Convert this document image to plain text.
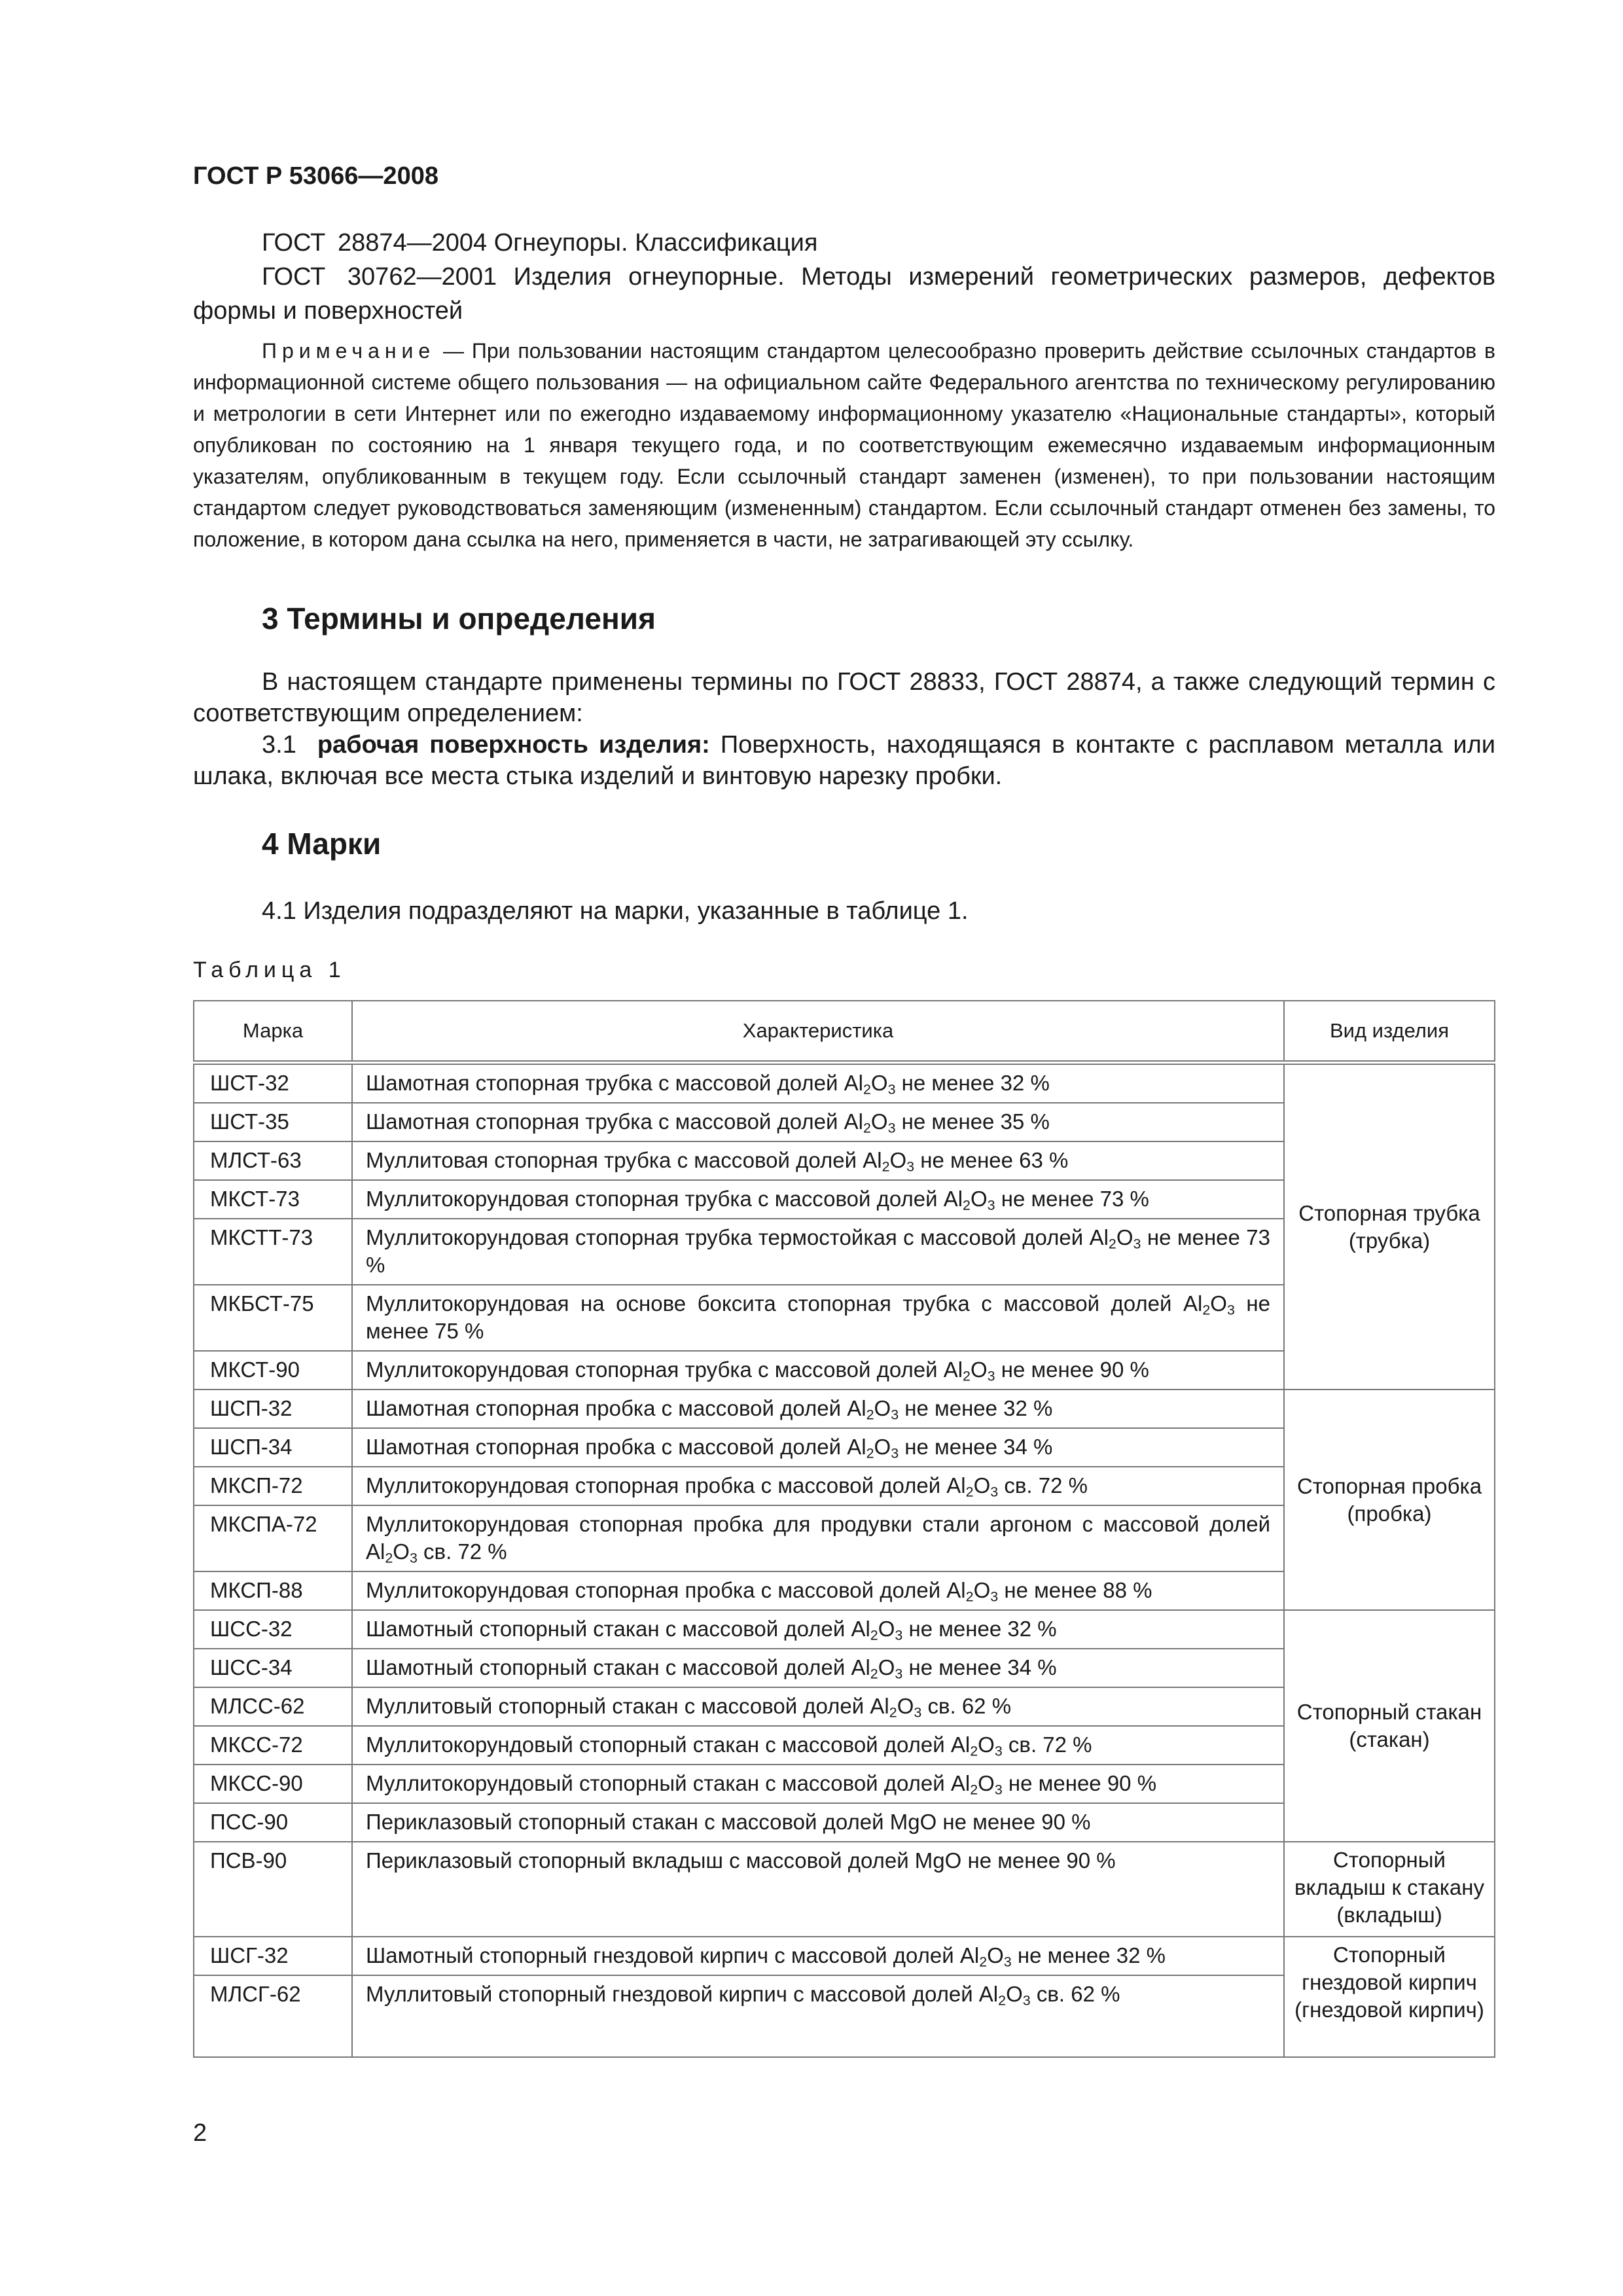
ГОСТ Р 53066—2008

ГОСТ 28874—2004 Огнеупоры. Классификация

ГОСТ 30762—2001 Изделия огнеупорные. Методы измерений геометрических размеров, дефектов формы и поверхностей

Примечание — При пользовании настоящим стандартом целесообразно проверить действие ссылочных стандартов в информационной системе общего пользования — на официальном сайте Федерального агентства по техническому регулированию и метрологии в сети Интернет или по ежегодно издаваемому информационному указателю «Национальные стандарты», который опубликован по состоянию на 1 января текущего года, и по соответствующим ежемесячно издаваемым информационным указателям, опубликованным в текущем году. Если ссылочный стандарт заменен (изменен), то при пользовании настоящим стандартом следует руководствоваться заменяющим (измененным) стандартом. Если ссылочный стандарт отменен без замены, то положение, в котором дана ссылка на него, применяется в части, не затрагивающей эту ссылку.

3 Термины и определения

В настоящем стандарте применены термины по ГОСТ 28833, ГОСТ 28874, а также следующий термин с соответствующим определением:

3.1 рабочая поверхность изделия: Поверхность, находящаяся в контакте с расплавом металла или шлака, включая все места стыка изделий и винтовую нарезку пробки.

4 Марки

4.1 Изделия подразделяют на марки, указанные в таблице 1.

Таблица 1
Марка	Характеристика	Вид изделия
ШСТ-32	Шамотная стопорная трубка с массовой долей $Al_2O_3$ не менее 32 %	Стопорная трубка (трубка)
ШСТ-35	Шамотная стопорная трубка с массовой долей $Al_2O_3$ не менее 35 %	
МЛСТ-63	Муллитовая стопорная трубка с массовой долей $Al_2O_3$ не менее 63 %	
МКСТ-73	Муллитокорундовая стопорная трубка с массовой долей $Al_2O_3$ не менее 73 %	
МКСТТ-73	Муллитокорундовая стопорная трубка термостойкая с массовой долей $Al_2O_3$ не менее 73 %	
МКБСТ-75	Муллитокорундовая на основе боксита стопорная трубка с массовой долей $Al_2O_3$ не менее 75 %	
МКСТ-90	Муллитокорундовая стопорная трубка с массовой долей $Al_2O_3$ не менее 90 %	
ШСП-32	Шамотная стопорная пробка с массовой долей $Al_2O_3$ не менее 32 %	Стопорная пробка (пробка)
ШСП-34	Шамотная стопорная пробка с массовой долей $Al_2O_3$ не менее 34 %	
МКСП-72	Муллитокорундовая стопорная пробка с массовой долей $Al_2O_3$ св. 72 %	
МКСПА-72	Муллитокорундовая стопорная пробка для продувки стали аргоном с массовой долей $Al_2O_3$ св. 72 %	
МКСП-88	Муллитокорундовая стопорная пробка с массовой долей $Al_2O_3$ не менее 88 %	
ШСС-32	Шамотный стопорный стакан с массовой долей $Al_2O_3$ не менее 32 %	Стопорный стакан (стакан)
ШСС-34	Шамотный стопорный стакан с массовой долей $Al_2O_3$ не менее 34 %	
МЛСС-62	Муллитовый стопорный стакан с массовой долей $Al_2O_3$ св. 62 %	
МКСС-72	Муллитокорундовый стопорный стакан с массовой долей $Al_2O_3$ св. 72 %	
МКСС-90	Муллитокорундовый стопорный стакан с массовой долей $Al_2O_3$ не менее 90 %	
ПСС-90	Периклазовый стопорный стакан с массовой долей MgO не менее 90 %	
ПСВ-90	Периклазовый стопорный вкладыш с массовой долей MgO не менее 90 %	Стопорный вкладыш к стакану (вкладыш)
ШСГ-32	Шамотный стопорный гнездовой кирпич с массовой долей $Al_2O_3$ не менее 32 %	Стопорный гнездовой кирпич (гнездовой кирпич)
МЛСГ-62	Муллитовый стопорный гнездовой кирпич с массовой долей $Al_2O_3$ св. 62 %	
2
